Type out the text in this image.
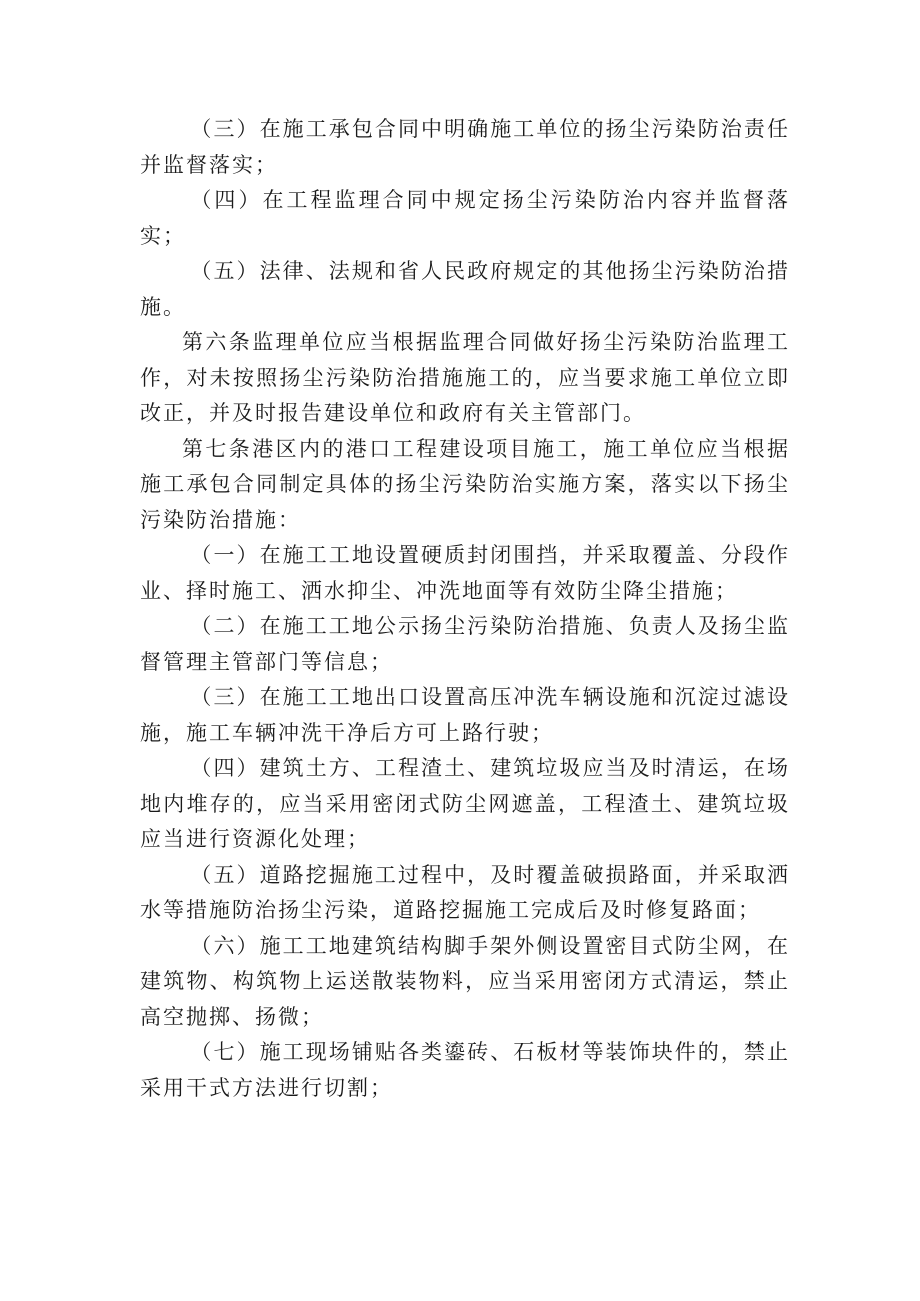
（三）在施工承包合同中明确施工单位的扬尘污染防治责任并监督落实；

（四）在工程监理合同中规定扬尘污染防治内容并监督落实；

（五）法律、法规和省人民政府规定的其他扬尘污染防治措施。

第六条监理单位应当根据监理合同做好扬尘污染防治监理工作，对未按照扬尘污染防治措施施工的，应当要求施工单位立即改正，并及时报告建设单位和政府有关主管部门。

第七条港区内的港口工程建设项目施工，施工单位应当根据施工承包合同制定具体的扬尘污染防治实施方案，落实以下扬尘污染防治措施：

（一）在施工工地设置硬质封闭围挡，并采取覆盖、分段作业、择时施工、洒水抑尘、冲洗地面等有效防尘降尘措施；

（二）在施工工地公示扬尘污染防治措施、负责人及扬尘监督管理主管部门等信息；

（三）在施工工地出口设置高压冲洗车辆设施和沉淀过滤设施，施工车辆冲洗干净后方可上路行驶；

（四）建筑土方、工程渣土、建筑垃圾应当及时清运，在场地内堆存的，应当采用密闭式防尘网遮盖，工程渣土、建筑垃圾应当进行资源化处理；

（五）道路挖掘施工过程中，及时覆盖破损路面，并采取洒水等措施防治扬尘污染，道路挖掘施工完成后及时修复路面；

（六）施工工地建筑结构脚手架外侧设置密目式防尘网，在建筑物、构筑物上运送散装物料，应当采用密闭方式清运，禁止高空抛掷、扬微；

（七）施工现场铺贴各类鎏砖、石板材等装饰块件的，禁止采用干式方法进行切割；
